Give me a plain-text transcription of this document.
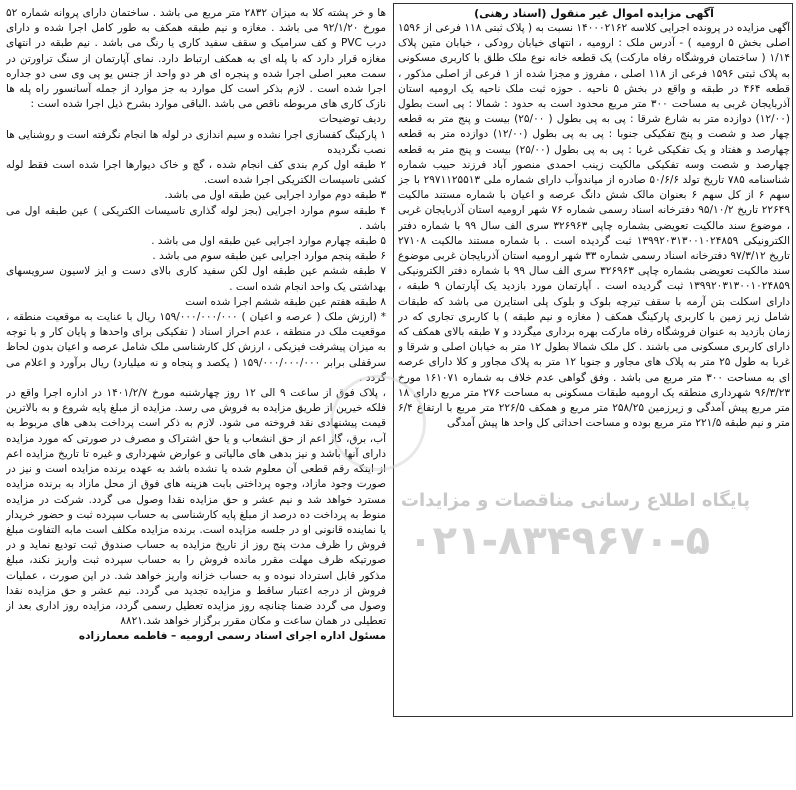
آگهی مزایده اموال غیر منقول (اسناد رهنی)

آگهی مزایده در پرونده اجرایی کلاسه ۱۴۰۰۰۲۱۶۲ نسبت به ( پلاک ثبتی ۱۱۸ فرعی از ۱۵۹۶ اصلی بخش ۵ ارومیه ) - آدرس ملک : ارومیه ، انتهای خیابان رودکی ، خیابان متین پلاک ۱/۱۴ ( ساختمان فروشگاه رفاه مارکت) یک قطعه خانه نوع ملک طلق با کاربری مسکونی به پلاک ثبتی ۱۵۹۶ فرعی از ۱۱۸ اصلی ، مفروز و مجزا شده از ۱ فرعی از اصلی مذکور ، قطعه ۴۶۴ در طبقه و واقع در بخش ۵ ناحیه . حوزه ثبت ملک ناحیه یک ارومیه استان آذربایجان غربی به مساحت ۳۰۰ متر مربع محدود است به حدود : شمالا : پی است بطول (۱۲/۰۰) دوازده متر به شارع شرقا : پی به پی بطول ( ۲۵/۰۰) بیست و پنج متر به قطعه چهار صد و شصت و پنج تفکیکی جنوبا : پی به پی بطول (۱۲/۰۰) دوازده متر به قطعه چهارصد و هفتاد و یک تفکیکی غربا : پی به پی بطول (۲۵/۰۰) بیست و پنج متر به قطعه چهارصد و شصت وسه تفکیکی مالکیت زینب احمدی منصور آباد فرزند حبیب شماره شناسنامه ۷۸۵ تاریخ تولد ۵۰/۶/۶ صادره از میاندوآب دارای شماره ملی ۲۹۷۱۱۲۵۵۱۳ با جز سهم ۶ از کل سهم ۶ بعنوان مالک شش دانگ عرصه و اعیان با شماره مستند مالکیت ۲۲۶۴۹ تاریخ ۹۵/۱۰/۲ دفترخانه اسناد رسمی شماره ۷۶ شهر ارومیه استان آذربایجان غربی ، موضوع سند مالکیت تعویضی بشماره چاپی ۳۲۶۹۶۳ سری الف سال ۹۹ با شماره دفتر الکترونیکی ۱۳۹۹۲۰۳۱۳۰۰۱۰۲۴۸۵۹ ثبت گردیده است . با شماره مستند مالکیت ۲۷۱۰۸ تاریخ ۹۷/۳/۱۲ دفترخانه اسناد رسمی شماره ۳۳ شهر ارومیه استان آذربایجان غربی موضوع سند مالکیت تعویضی بشماره چاپی ۳۲۶۹۶۳ سری الف سال ۹۹ با شماره دفتر الکترونیکی ۱۳۹۹۲۰۳۱۳۰۰۱۰۲۴۸۵۹ ثبت گردیده است . آپارتمان مورد بازدید یک آپارتمان ۹ طبقه ، دارای اسکلت بتن آرمه با سقف تیرچه بلوک و بلوک پلی استایرن می باشد که طبقات شامل زیر زمین با کاربری پارکینگ همکف ( مغازه و نیم طبقه ) با کاربری تجاری که در زمان بازدید به عنوان فروشگاه رفاه مارکت بهره برداری میگردد و ۷ طبقه بالای همکف که دارای کاربری مسکونی می باشند . کل ملک شمالا بطول ۱۲ متر به خیابان اصلی و شرقا و غربا به طول ۲۵ متر به پلاک های مجاور و جنوبا ۱۲ متر به پلاک مجاور و کلا دارای عرصه ای به مساحت ۳۰۰ متر مربع می باشد . وفق گواهی عدم خلاف به شماره ۱۶۱۰۷۱ مورخ ۹۶/۳/۲۳ شهرداری منطقه یک ارومیه طبقات مسکونی به مساحت ۲۷۶ متر مربع دارای ۱۸ متر مربع پیش آمدگی و زیرزمین ۲۵۸/۲۵ متر مربع و همکف ۲۲۶/۵ متر مربع با ارتفاع ۶/۴ متر و نیم طبقه ۲۲۱/۵ متر مربع بوده و مساحت احداثی کل واحد ها پیش آمدگی

ها و خر پشته کلا به میزان ۲۸۳۲ متر مربع می باشد . ساختمان دارای پروانه شماره ۵۲ مورخ ۹۲/۱/۲۰ می باشد . مغازه و نیم طبقه همکف به طور کامل اجرا شده و دارای درب PVC و کف سرامیک و سقف سفید کاری یا رنگ می باشد . نیم طبقه در انتهای مغازه قرار دارد که با پله ای به همکف ارتباط دارد. نمای آپارتمان از سنگ تراورتن در سمت معبر اصلی اجرا شده و پنجره ای هر دو واحد از جنس یو پی وی سی دو جداره اجرا شده است . لازم بذکر است کل موارد به جز موارد از جمله آسانسور راه پله ها نازک کاری های مربوطه ناقص می باشد .الباقی موارد بشرح ذیل اجرا شده است :

ردیف توضیحات

۱ پارکینگ کفسازی اجرا نشده و سیم اندازی در لوله ها انجام نگرفته است و روشنایی ها نصب نگردیده

۲ طبقه اول کرم بندی کف انجام شده ، گچ و خاک دیوارها اجرا شده است فقط لوله کشی تاسیسات الکتریکی اجرا شده است.

۳ طبقه دوم موارد اجرایی عین طبقه اول می باشد.

۴ طبقه سوم موارد اجرایی (بجز لوله گذاری تاسیسات الکتریکی ) عین طبقه اول می باشد .

۵ طبقه چهارم موارد اجرایی عین طبقه اول می باشد .

۶ طبقه پنجم موارد اجرایی عین طبقه سوم می باشد .

۷ طبقه ششم عین طبقه اول لکن سفید کاری بالای دست و ایز لاسیون سرویسهای بهداشتی یک واحد انجام شده است .

۸ طبقه هفتم عین طبقه ششم اجرا شده است

* (ارزش ملک ( عرصه و اعیان ) ۱۵۹/۰۰۰/۰۰۰/۰۰۰ ریال با عنایت به موقعیت منطقه ، موقعیت ملک در منطقه ، عدم احراز اسناد ( تفکیکی برای واحدها و پایان کار و با توجه به میزان پیشرفت فیزیکی ، ارزش کل کارشناسی ملک شامل عرصه و اعیان بدون لحاظ سرقفلی برابر ۱۵۹/۰۰۰/۰۰۰/۰۰۰ ( یکصد و پنجاه و نه میلیارد) ریال برآورد و اعلام می گردد .

، پلاک فوق از ساعت ۹ الی ۱۲ روز چهارشنبه مورخ ۱۴۰۱/۲/۷ در اداره اجرا واقع در فلکه خیرین از طریق مزایده به فروش می رسد. مزایده از مبلغ پایه شروع و به بالاترین قیمت پیشنهادی نقد فروخته می شود. لازم به ذکر است پرداخت بدهی های مربوط به آب، برق، گاز اعم از حق انشعاب و یا حق اشتراک و مصرف در صورتی که مورد مزایده دارای آنها باشد و نیز بدهی های مالیاتی و عوارض شهرداری و غیره تا تاریخ مزایده اعم از اینکه رقم قطعی آن معلوم شده یا نشده باشد به عهده برنده مزایده است و نیز در صورت وجود مازاد، وجوه پرداختی بابت هزینه های فوق از محل مازاد به برنده مزایده مسترد خواهد شد و نیم عشر و حق مزایده نقدا وصول می گردد. شرکت در مزایده منوط به پرداخت ده درصد از مبلغ پایه کارشناسی به حساب سپرده ثبت و حضور خریدار یا نماینده قانونی او در جلسه مزایده است. برنده مزایده مکلف است مابه التفاوت مبلغ فروش را ظرف مدت پنج روز از تاریخ مزایده به حساب صندوق ثبت تودیع نماید و در صورتیکه ظرف مهلت مقرر مانده فروش را به حساب سپرده ثبت واریز نکند، مبلغ مذکور قابل استرداد نبوده و به حساب خزانه واریز خواهد شد. در این صورت ، عملیات فروش از درجه اعتبار ساقط و مزایده تجدید می گردد. نیم عشر و حق مزایده نقدا وصول می گردد ضمنا چنانچه روز مزایده تعطیل رسمی گردد، مزایده روز اداری بعد از تعطیلی در همان ساعت و مکان مقرر برگزار خواهد شد.۸۸۲۱

مسئول اداره اجرای اسناد رسمی ارومیه – فاطمه معمارزاده

پایگاه اطلاع رسانی مناقصات و مزایدات
۰۲۱-۸۳۴۹۶۷۰-۵
